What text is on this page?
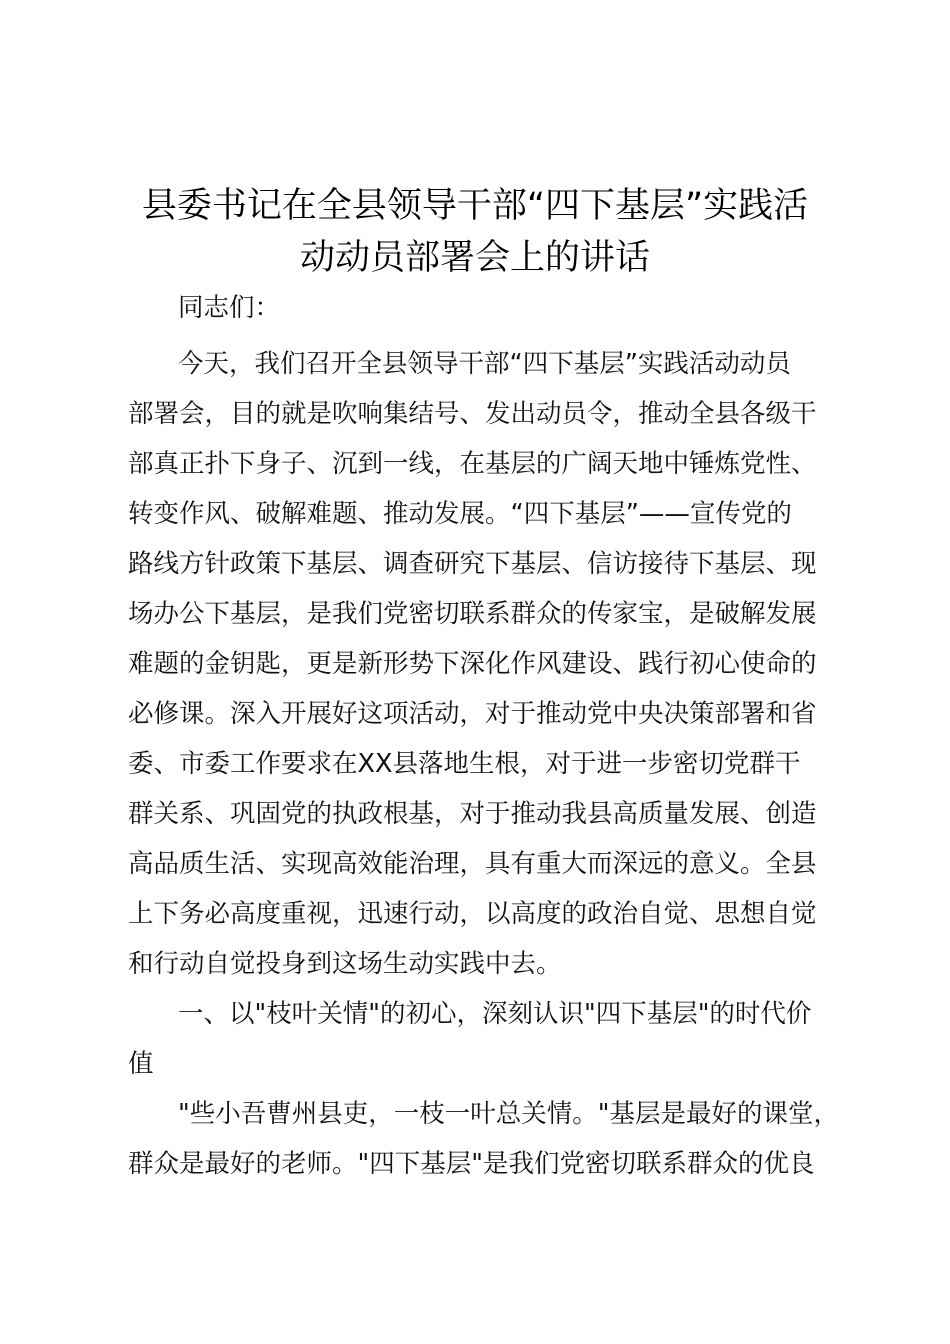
县委书记在全县领导干部“四下基层”实践活
动动员部署会上的讲话

同志们：

今天，我们召开全县领导干部“四下基层”实践活动动员
部署会，目的就是吹响集结号、发出动员令，推动全县各级干
部真正扑下身子、沉到一线，在基层的广阔天地中锤炼党性、
转变作风、破解难题、推动发展。“四下基层”——宣传党的
路线方针政策下基层、调查研究下基层、信访接待下基层、现
场办公下基层，是我们党密切联系群众的传家宝，是破解发展
难题的金钥匙，更是新形势下深化作风建设、践行初心使命的
必修课。深入开展好这项活动，对于推动党中央决策部署和省
委、市委工作要求在XX县落地生根，对于进一步密切党群干
群关系、巩固党的执政根基，对于推动我县高质量发展、创造
高品质生活、实现高效能治理，具有重大而深远的意义。全县
上下务必高度重视，迅速行动，以高度的政治自觉、思想自觉
和行动自觉投身到这场生动实践中去。

一、以"枝叶关情"的初心，深刻认识"四下基层"的时代价
值

"些小吾曹州县吏，一枝一叶总关情。"基层是最好的课堂，
群众是最好的老师。"四下基层"是我们党密切联系群众的优良
